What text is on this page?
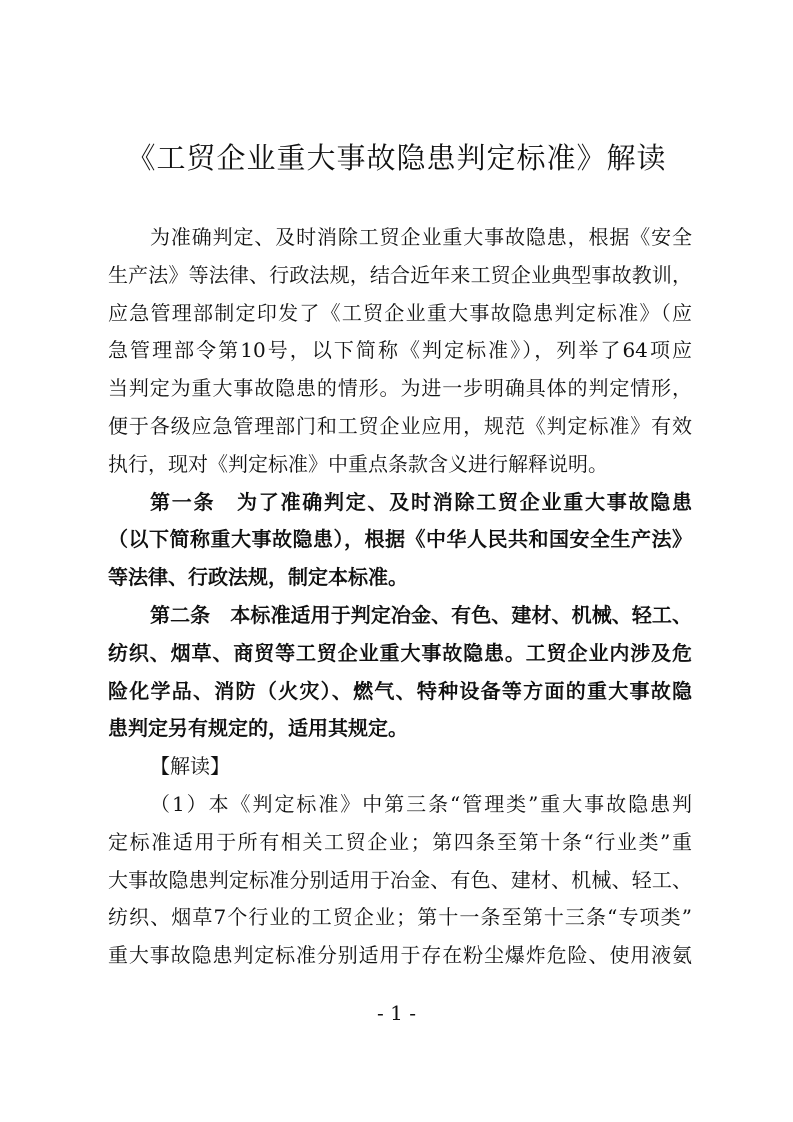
《工贸企业重大事故隐患判定标准》解读
为准确判定、及时消除工贸企业重大事故隐患，根据《安全
生产法》等法律、行政法规，结合近年来工贸企业典型事故教训，
应急管理部制定印发了《工贸企业重大事故隐患判定标准》（应
急管理部令第10号，以下简称《判定标准》），列举了64项应
当判定为重大事故隐患的情形。为进一步明确具体的判定情形，
便于各级应急管理部门和工贸企业应用，规范《判定标准》有效
执行，现对《判定标准》中重点条款含义进行解释说明。
第一条　为了准确判定、及时消除工贸企业重大事故隐患
（以下简称重大事故隐患），根据《中华人民共和国安全生产法》
等法律、行政法规，制定本标准。
第二条　本标准适用于判定冶金、有色、建材、机械、轻工、
纺织、烟草、商贸等工贸企业重大事故隐患。工贸企业内涉及危
险化学品、消防（火灾）、燃气、特种设备等方面的重大事故隐
患判定另有规定的，适用其规定。
【解读】
（1）本《判定标准》中第三条“管理类”重大事故隐患判
定标准适用于所有相关工贸企业；第四条至第十条“行业类”重
大事故隐患判定标准分别适用于冶金、有色、建材、机械、轻工、
纺织、烟草7个行业的工贸企业；第十一条至第十三条“专项类”
重大事故隐患判定标准分别适用于存在粉尘爆炸危险、使用液氨
- 1 -
